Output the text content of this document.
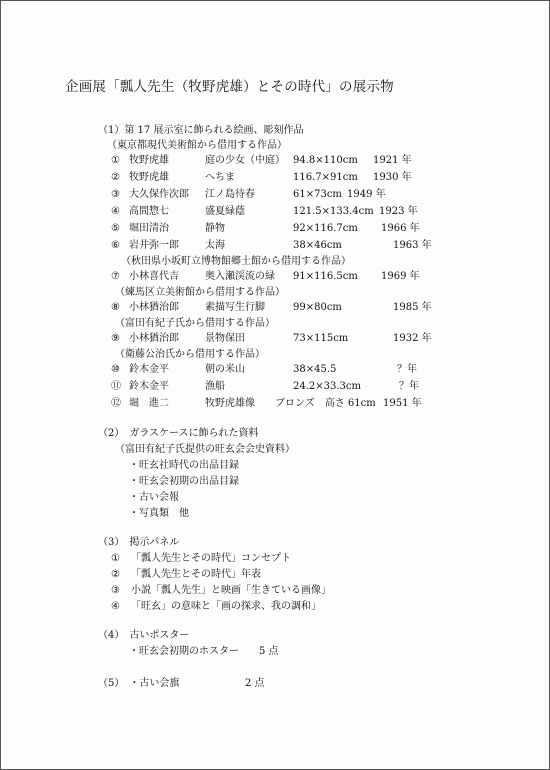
企画展「瓢人先生（牧野虎雄）とその時代」の展示物
（1）第 17 展示室に飾られる絵画、彫刻作品
（東京都現代美術館から借用する作品）
① 牧野虎雄	庭の少女（中庭） 94.8×110cm 1921 年
② 牧野虎雄	へちま	116.7×91cm 1930 年
③ 大久保作次郎 江ノ島待春	61×73cm 1949 年
④ 高間惣七	盛夏緑蔭	121.5×133.4cm 1923 年
⑤ 堀田清治	静物	92×116.7cm 1966 年
⑥ 岩井弥一郎	太海	38×46cm	1963 年
（秋田県小坂町立博物館郷土館から借用する作品）
⑦ 小林喜代吉	奥入瀬渓流の緑 91×116.5cm 1969 年
（練馬区立美術館から借用する作品）
⑧ 小林猶治郎	素描写生行脚	99×80cm	1985 年
（富田有紀子氏から借用する作品）
⑨ 小林猶治郎	景物保田	73×115cm	1932 年
（衛藤公治氏から借用する作品）
⑩ 鈴木金平	朝の米山	38×45.5	？年
⑪ 鈴木金平	漁船	24.2×33.3cm	？年
⑫ 堀　進二	牧野虎雄像 ブロンズ　高さ 61cm 1951 年
（2）　ガラスケースに飾られた資料
（富田有紀子氏提供の旺玄会会史資料）
・旺玄社時代の出品目録
・旺玄会初期の出品目録
・古い会報
・写真類　他
（3）　掲示パネル
① 「瓢人先生とその時代」コンセプト
② 「瓢人先生とその時代」年表
③ 小説「瓢人先生」と映画「生きている画像」
④ 「旺玄」の意味と「画の探求、我の調和」
（4）　古いポスター
・旺玄会初期のホスター　　5 点
（5）　・古い会旗	2 点
